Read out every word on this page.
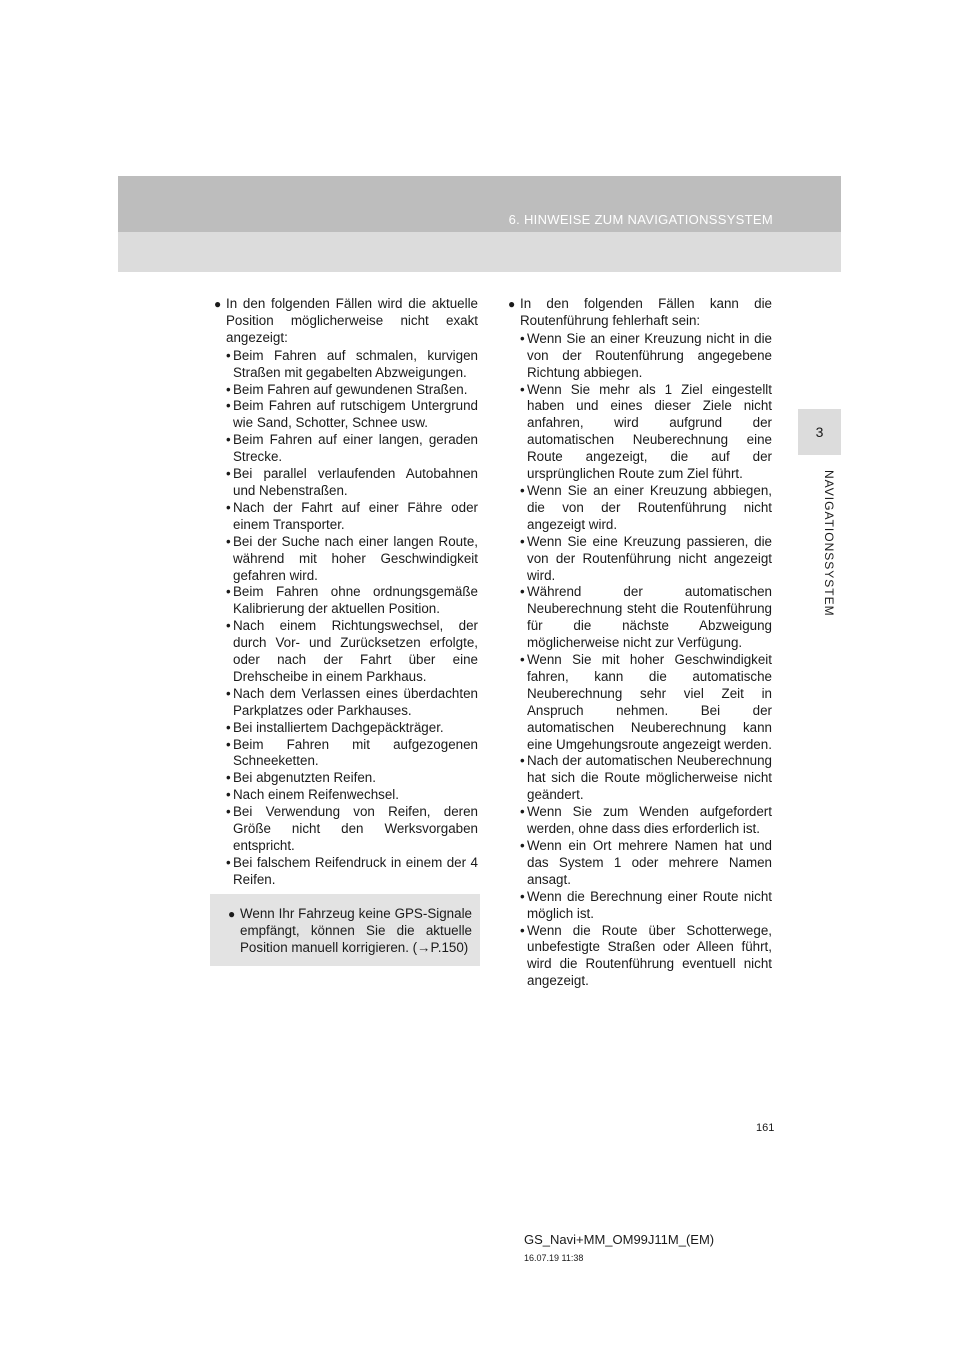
6. HINWEISE ZUM NAVIGATIONSSYSTEM
3
NAVIGATIONSSYSTEM

● In den folgenden Fällen wird die aktuelle Position möglicherweise nicht exakt angezeigt:

• Beim Fahren auf schmalen, kurvigen Straßen mit gegabelten Abzweigungen.
• Beim Fahren auf gewundenen Straßen.
• Beim Fahren auf rutschigem Untergrund wie Sand, Schotter, Schnee usw.
• Beim Fahren auf einer langen, geraden Strecke.
• Bei parallel verlaufenden Autobahnen und Nebenstraßen.
• Nach der Fahrt auf einer Fähre oder einem Transporter.
• Bei der Suche nach einer langen Route, während mit hoher Geschwindigkeit gefahren wird.
• Beim Fahren ohne ordnungsgemäße Kalibrierung der aktuellen Position.
• Nach einem Richtungswechsel, der durch Vor- und Zurücksetzen erfolgte, oder nach der Fahrt über eine Drehscheibe in einem Parkhaus.
• Nach dem Verlassen eines überdachten Parkplatzes oder Parkhauses.
• Bei installiertem Dachgepäckträger.
• Beim Fahren mit aufgezogenen Schneeketten.
• Bei abgenutzten Reifen.
• Nach einem Reifenwechsel.
• Bei Verwendung von Reifen, deren Größe nicht den Werksvorgaben entspricht.
• Bei falschem Reifendruck in einem der 4 Reifen.

● Wenn Ihr Fahrzeug keine GPS-Signale empfängt, können Sie die aktuelle Position manuell korrigieren. (→P.150)

● In den folgenden Fällen kann die Routenführung fehlerhaft sein:

• Wenn Sie an einer Kreuzung nicht in die von der Routenführung angegebene Richtung abbiegen.
• Wenn Sie mehr als 1 Ziel eingestellt haben und eines dieser Ziele nicht anfahren, wird aufgrund der automatischen Neuberechnung eine Route angezeigt, die auf der ursprünglichen Route zum Ziel führt.
• Wenn Sie an einer Kreuzung abbiegen, die von der Routenführung nicht angezeigt wird.
• Wenn Sie eine Kreuzung passieren, die von der Routenführung nicht angezeigt wird.
• Während der automatischen Neuberechnung steht die Routenführung für die nächste Abzweigung möglicherweise nicht zur Verfügung.
• Wenn Sie mit hoher Geschwindigkeit fahren, kann die automatische Neuberechnung sehr viel Zeit in Anspruch nehmen. Bei der automatischen Neuberechnung kann eine Umgehungsroute angezeigt werden.
• Nach der automatischen Neuberechnung hat sich die Route möglicherweise nicht geändert.
• Wenn Sie zum Wenden aufgefordert werden, ohne dass dies erforderlich ist.
• Wenn ein Ort mehrere Namen hat und das System 1 oder mehrere Namen ansagt.
• Wenn die Berechnung einer Route nicht möglich ist.
• Wenn die Route über Schotterwege, unbefestigte Straßen oder Alleen führt, wird die Routenführung eventuell nicht angezeigt.
161
GS_Navi+MM_OM99J11M_(EM)
16.07.19 11:38
